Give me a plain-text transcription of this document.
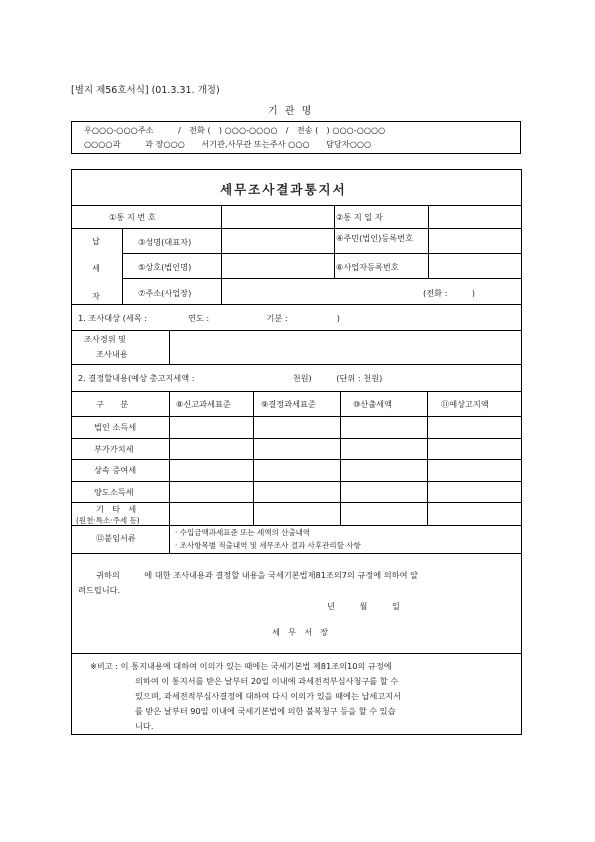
[별지 제56호서식] (01.3.31. 개정)
기 관 명
우○○○-○○○주소　　　/　전화 (　) ○○○-○○○○　/　전송 (　) ○○○-○○○○
○○○○과　　　과 장○○○　　서기관,사무관 또는주사 ○○○　　담당자○○○
세무조사결과통지서
①통 지 번 호	②통 지 일 자
납
세
자
③성명(대표자)	④주민(법인)등록번호
⑤상호(법인명)	⑥사업자등록번호
⑦주소(사업장)	(전화 :　　　)
1. 조사대상 (세목 :　　　　　연도 :　　　　　　　기분 :　　　　　　)
조사경위 및
조사내용
2. 결정할내용(예상 총고지세액 :　　　　　　　　　　　　천원)　　　(단위 : 천원)
구　　분	⑧신고과세표준	⑨결정과세표준	⑩산출세액	⑪예상고지액
법인 소득세
부가가치세
상속 증여세
양도소득세
기　타　세
(원천·특소·주세 등)
⑫붙임서류
· 수입금액과세표준 또는 세액의 산출내역
· 조사항목별 적출내역 및 세무조사 결과 사후관리할 사항
귀하의　　　에 대한 조사내용과 결정할 내용을 국세기본법제81조의7의 규정에 의하여 알
려드립니다.
년　　　월　　　일
세　무　서　장
※비고 : 이 통지내용에 대하여 이의가 있는 때에는 국세기본법 제81조의10의 규정에
의하여 이 통지서를 받은 날부터 20일 이내에 과세전적부심사청구를 할 수
있으며, 과세전적부심사결정에 대하여 다시 이의가 있을 때에는 납세고지서
를 받은 날부터 90일 이내에 국세기본법에 의한 불복청구 등을 할 수 있습
니다.
